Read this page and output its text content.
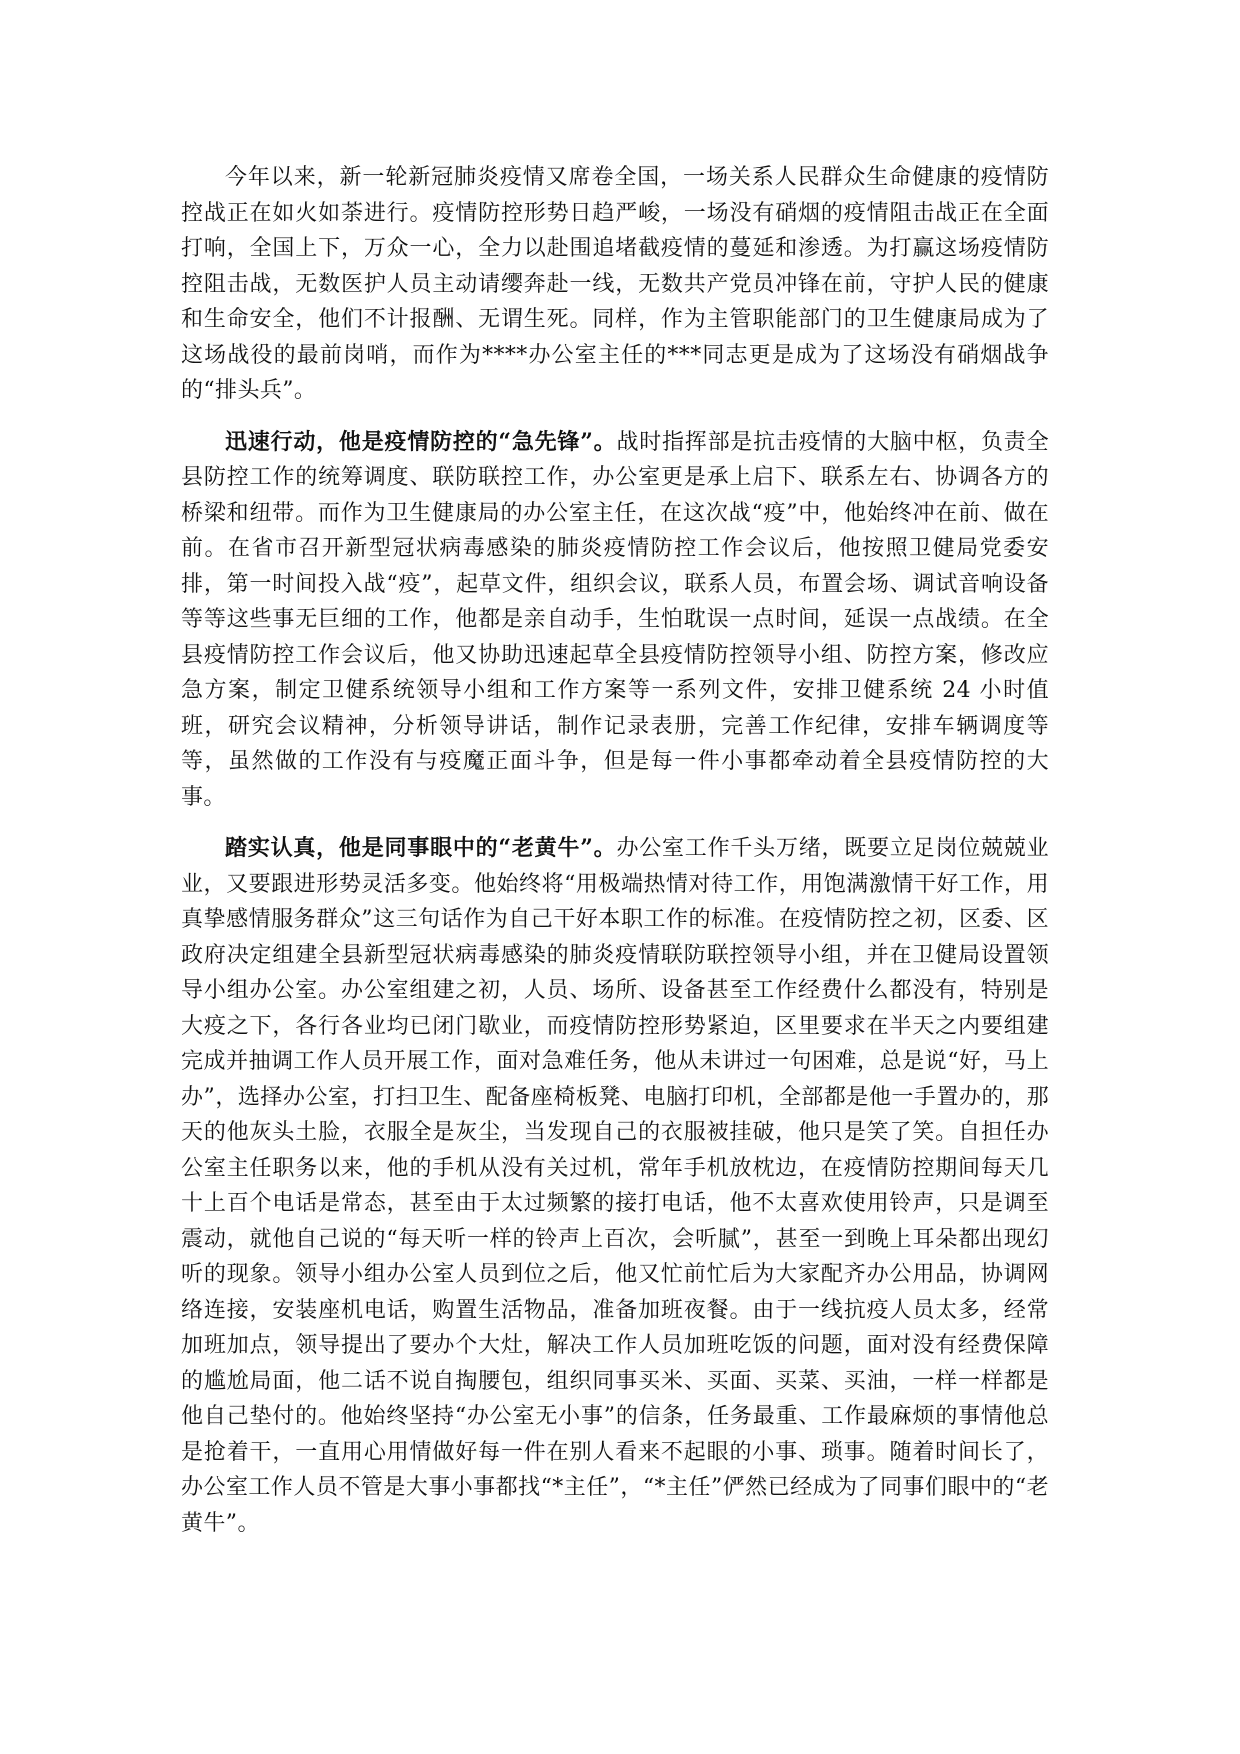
今年以来，新一轮新冠肺炎疫情又席卷全国，一场关系人民群众生命健康的疫情防控战正在如火如荼进行。疫情防控形势日趋严峻，一场没有硝烟的疫情阻击战正在全面打响，全国上下，万众一心，全力以赴围追堵截疫情的蔓延和渗透。为打赢这场疫情防控阻击战，无数医护人员主动请缨奔赴一线，无数共产党员冲锋在前，守护人民的健康和生命安全，他们不计报酬、无谓生死。同样，作为主管职能部门的卫生健康局成为了这场战役的最前岗哨，而作为****办公室主任的***同志更是成为了这场没有硝烟战争的“排头兵”。

迅速行动，他是疫情防控的“急先锋”。战时指挥部是抗击疫情的大脑中枢，负责全县防控工作的统筹调度、联防联控工作，办公室更是承上启下、联系左右、协调各方的桥梁和纽带。而作为卫生健康局的办公室主任，在这次战“疫”中，他始终冲在前、做在前。在省市召开新型冠状病毒感染的肺炎疫情防控工作会议后，他按照卫健局党委安排，第一时间投入战“疫”，起草文件，组织会议，联系人员，布置会场、调试音响设备等等这些事无巨细的工作，他都是亲自动手，生怕耽误一点时间，延误一点战绩。在全县疫情防控工作会议后，他又协助迅速起草全县疫情防控领导小组、防控方案，修改应急方案，制定卫健系统领导小组和工作方案等一系列文件，安排卫健系统 24 小时值班，研究会议精神，分析领导讲话，制作记录表册，完善工作纪律，安排车辆调度等等，虽然做的工作没有与疫魔正面斗争，但是每一件小事都牵动着全县疫情防控的大事。

踏实认真，他是同事眼中的“老黄牛”。办公室工作千头万绪，既要立足岗位兢兢业业，又要跟进形势灵活多变。他始终将“用极端热情对待工作，用饱满激情干好工作，用真挚感情服务群众”这三句话作为自己干好本职工作的标准。在疫情防控之初，区委、区政府决定组建全县新型冠状病毒感染的肺炎疫情联防联控领导小组，并在卫健局设置领导小组办公室。办公室组建之初，人员、场所、设备甚至工作经费什么都没有，特别是大疫之下，各行各业均已闭门歇业，而疫情防控形势紧迫，区里要求在半天之内要组建完成并抽调工作人员开展工作，面对急难任务，他从未讲过一句困难，总是说“好，马上办”，选择办公室，打扫卫生、配备座椅板凳、电脑打印机，全部都是他一手置办的，那天的他灰头土脸，衣服全是灰尘，当发现自己的衣服被挂破，他只是笑了笑。自担任办公室主任职务以来，他的手机从没有关过机，常年手机放枕边，在疫情防控期间每天几十上百个电话是常态，甚至由于太过频繁的接打电话，他不太喜欢使用铃声，只是调至震动，就他自己说的“每天听一样的铃声上百次，会听腻”，甚至一到晚上耳朵都出现幻听的现象。领导小组办公室人员到位之后，他又忙前忙后为大家配齐办公用品，协调网络连接，安装座机电话，购置生活物品，准备加班夜餐。由于一线抗疫人员太多，经常加班加点，领导提出了要办个大灶，解决工作人员加班吃饭的问题，面对没有经费保障的尴尬局面，他二话不说自掏腰包，组织同事买米、买面、买菜、买油，一样一样都是他自己垫付的。他始终坚持“办公室无小事”的信条，任务最重、工作最麻烦的事情他总是抢着干，一直用心用情做好每一件在别人看来不起眼的小事、琐事。随着时间长了，办公室工作人员不管是大事小事都找“*主任”，“*主任”俨然已经成为了同事们眼中的“老黄牛”。
